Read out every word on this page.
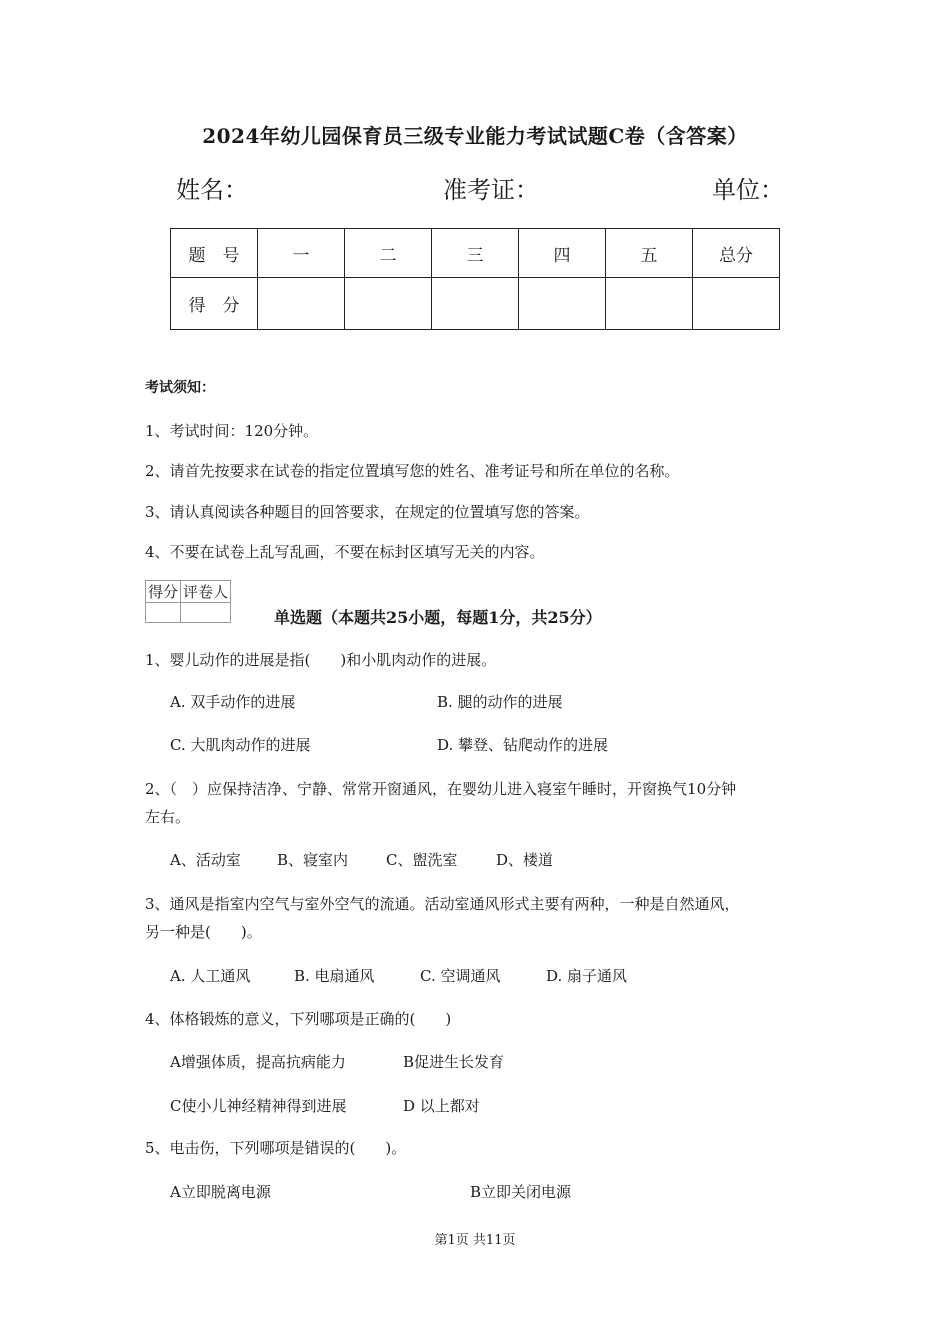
2024年幼儿园保育员三级专业能力考试试题C卷（含答案）
姓名：	准考证：	单位：
题　号	一	二	三	四	五	总分
得　分						
考试须知：
1、考试时间：120分钟。
2、请首先按要求在试卷的指定位置填写您的姓名、准考证号和所在单位的名称。
3、请认真阅读各种题目的回答要求，在规定的位置填写您的答案。
4、不要在试卷上乱写乱画，不要在标封区填写无关的内容。
得分	评卷人

单选题（本题共25小题，每题1分，共25分）
1、婴儿动作的进展是指(　　)和小肌肉动作的进展。
A. 双手动作的进展	B. 腿的动作的进展
C. 大肌肉动作的进展	D. 攀登、钻爬动作的进展
2、（　）应保持洁净、宁静、常常开窗通风，在婴幼儿进入寝室午睡时，开窗换气10分钟
左右。
A、活动室 B、寝室内	C、盥洗室	D、楼道
3、通风是指室内空气与室外空气的流通。活动室通风形式主要有两种，一种是自然通风，
另一种是(　　)。
A. 人工通风	B. 电扇通风	C. 空调通风	D. 扇子通风
4、体格锻炼的意义，下列哪项是正确的(　　)
A增强体质，提高抗病能力	B促进生长发育
C使小儿神经精神得到进展	D 以上都对
5、电击伤，下列哪项是错误的(　　)。
A立即脱离电源	B立即关闭电源
第1页 共11页
